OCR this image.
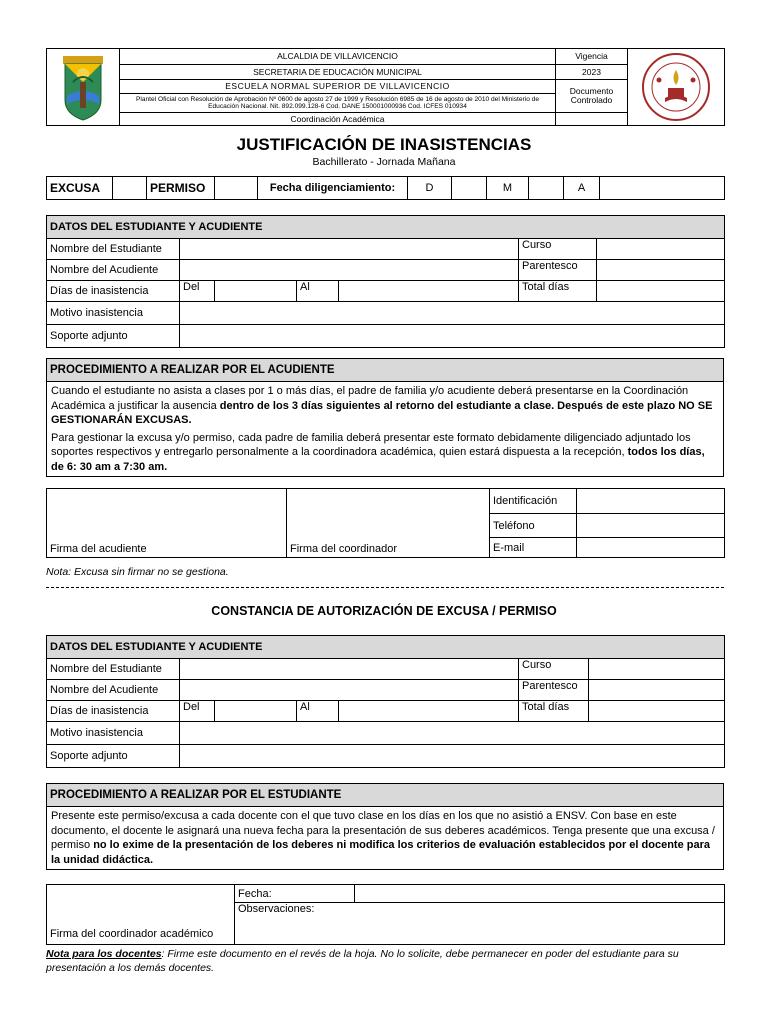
	ALCALDIA DE VILLAVICENCIO	Vigencia	

	SECRETARIA DE EDUCACIÓN MUNICIPAL	2023	
	ESCUELA NORMAL SUPERIOR DE VILLAVICENCIO	Documento Controlado	
	Plantel Oficial con Resolución de Aprobación Nº 0600 de agosto 27 de 1999 y Resolución 6985 de 16 de agosto de 2010 del Ministerio de Educación Nacional. Nit. 892.099.128-6 Cod. DANE 150001000936 Cod. ICFES 010934		
	Coordinación Académica		
JUSTIFICACIÓN DE INASISTENCIAS
Bachillerato - Jornada Mañana
EXCUSA		PERMISO		Fecha diligenciamiento:	D		M		A	
DATOS DEL ESTUDIANTE Y ACUDIENTE						
Nombre del Estudiante					Curso	
Nombre del Acudiente					Parentesco	
Días de inasistencia	Del		Al		Total días	
Motivo inasistencia						
Soporte adjunto						
PROCEDIMIENTO A REALIZAR POR EL ACUDIENTE

Cuando el estudiante no asista a clases por 1 o más días, el padre de familia y/o acudiente deberá presentarse en la Coordinación Académica a justificar la ausencia dentro de los 3 días siguientes al retorno del estudiante a clase. Después de este plazo NO SE GESTIONARÁN EXCUSAS.
Para gestionar la excusa y/o permiso, cada padre de familia deberá presentar este formato debidamente diligenciado adjuntado los soportes respectivos y entregarlo personalmente a la coordinadora académica, quien estará dispuesta a la recepción, todos los días, de 6: 30 am a 7:30 am.
Firma del acudiente	Firma del coordinador	Identificación	
		Teléfono	
		E-mail	
Nota: Excusa sin firmar no se gestiona.
CONSTANCIA DE AUTORIZACIÓN DE EXCUSA / PERMISO
DATOS DEL ESTUDIANTE Y ACUDIENTE						
Nombre del Estudiante					Curso	
Nombre del Acudiente					Parentesco	
Días de inasistencia	Del		Al		Total días	
Motivo inasistencia						
Soporte adjunto						
PROCEDIMIENTO A REALIZAR POR EL ESTUDIANTE
Presente este permiso/excusa a cada docente con el que tuvo clase en los días en los que no asistió a ENSV. Con base en este documento, el docente le asignará una nueva fecha para la presentación de sus deberes académicos. Tenga presente que una excusa / permiso no lo exime de la presentación de los deberes ni modifica los criterios de evaluación establecidos por el docente para la unidad didáctica.
Firma del coordinador académico	Fecha:	
Observaciones:
Nota para los docentes: Firme este documento en el revés de la hoja. No lo solicite, debe permanecer en poder del estudiante para su presentación a los demás docentes.
